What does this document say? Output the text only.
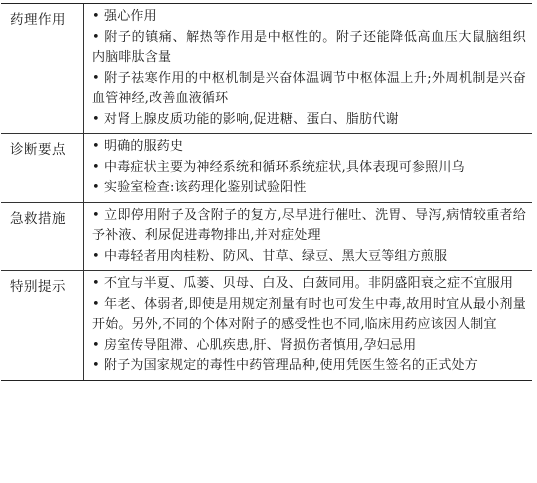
药理作用	• 强心作用

• 附子的镇痛、解热等作用是中枢性的。附子还能降低高血压大鼠脑组织内脑啡肽含量

• 附子祛寒作用的中枢机制是兴奋体温调节中枢体温上升;外周机制是兴奋血管神经,改善血液循环

• 对肾上腺皮质功能的影响,促进糖、蛋白、脂肪代谢

诊断要点	• 明确的服药史

• 中毒症状主要为神经系统和循环系统症状,具体表现可参照川乌

• 实验室检查:该药理化鉴别试验阳性

急救措施	• 立即停用附子及含附子的复方,尽早进行催吐、洗胃、导泻,病情较重者给予补液、利尿促进毒物排出,并对症处理

• 中毒轻者用肉桂粉、防风、甘草、绿豆、黑大豆等组方煎服

特别提示	• 不宜与半夏、瓜蒌、贝母、白及、白蔹同用。非阴盛阳衰之症不宜服用

• 年老、体弱者,即使是用规定剂量有时也可发生中毒,故用时宜从最小剂量开始。另外,不同的个体对附子的感受性也不同,临床用药应该因人制宜

• 房室传导阻滞、心肌疾患,肝、肾损伤者慎用,孕妇忌用

• 附子为国家规定的毒性中药管理品种,使用凭医生签名的正式处方
